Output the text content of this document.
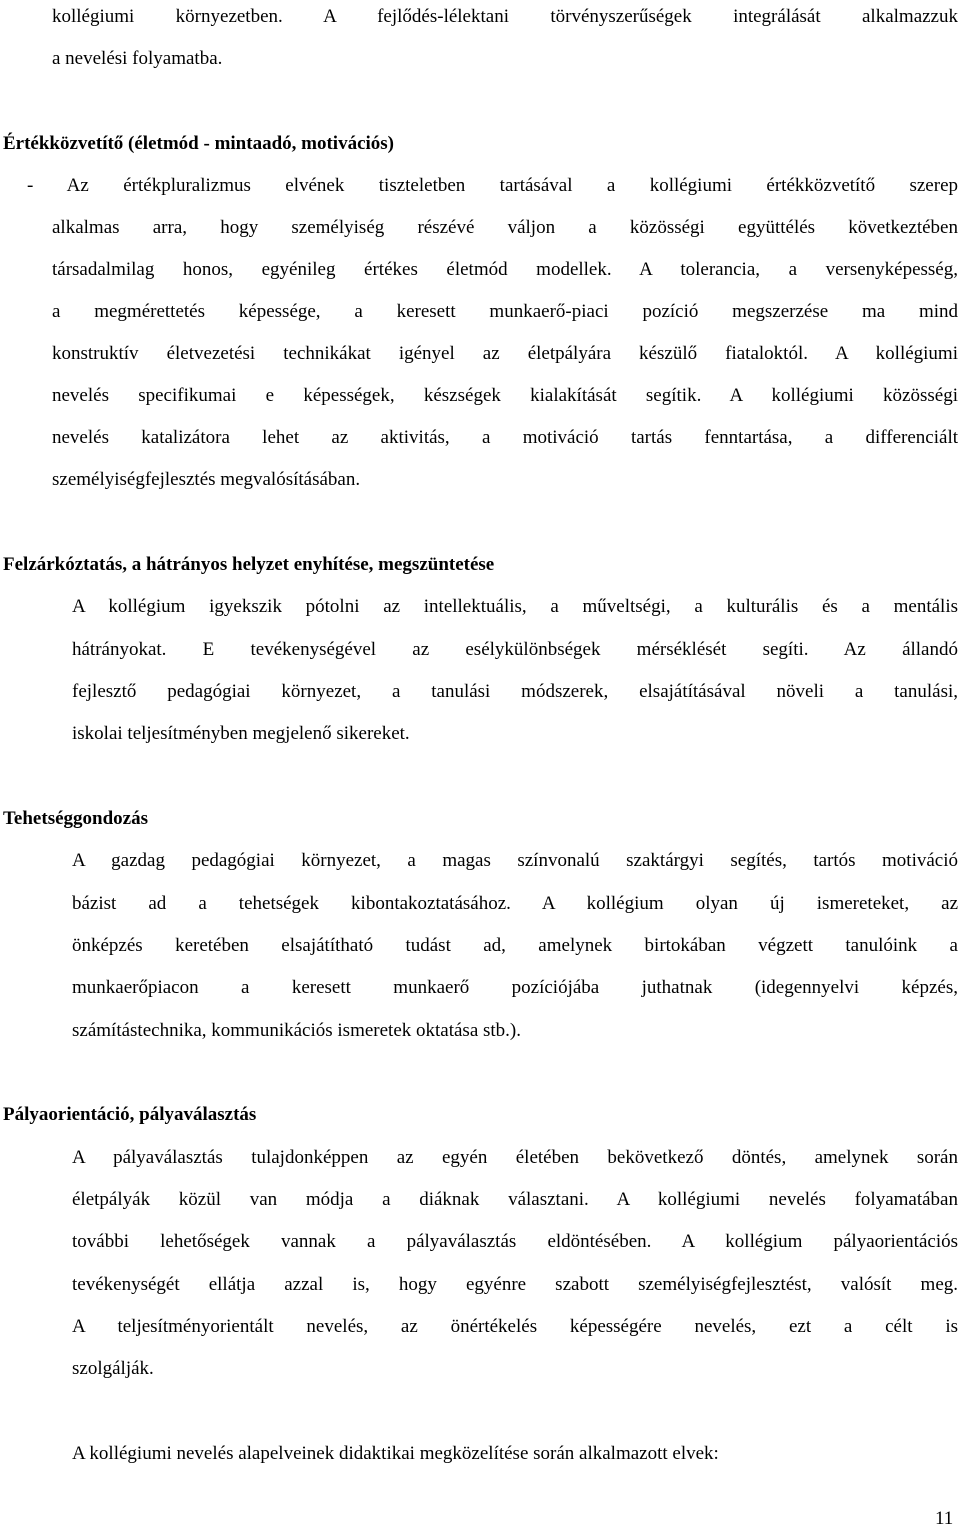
kollégiumi környezetben. A fejlődés-lélektani törvényszerűségek integrálását alkalmazzuk
a nevelési folyamatba.
Értékközvetítő (életmód - mintaadó, motivációs)
- Az értékpluralizmus elvének tiszteletben tartásával a kollégiumi értékközvetítő szerep
alkalmas arra, hogy személyiség részévé váljon a közösségi együttélés következtében
társadalmilag honos, egyénileg értékes életmód modellek. A tolerancia, a versenyképesség,
a megmérettetés képessége, a keresett munkaerő-piaci pozíció megszerzése ma mind
konstruktív életvezetési technikákat igényel az életpályára készülő fiataloktól. A kollégiumi
nevelés specifikumai e képességek, készségek kialakítását segítik. A kollégiumi közösségi
nevelés katalizátora lehet az aktivitás, a motiváció tartás fenntartása, a differenciált
személyiségfejlesztés megvalósításában.
Felzárkóztatás, a hátrányos helyzet enyhítése, megszüntetése
A kollégium igyekszik pótolni az intellektuális, a műveltségi, a kulturális és a mentális
hátrányokat. E tevékenységével az esélykülönbségek mérséklését segíti. Az állandó
fejlesztő pedagógiai környezet, a tanulási módszerek, elsajátításával növeli a tanulási,
iskolai teljesítményben megjelenő sikereket.
Tehetséggondozás
A gazdag pedagógiai környezet, a magas színvonalú szaktárgyi segítés, tartós motiváció
bázist ad a tehetségek kibontakoztatásához. A kollégium olyan új ismereteket, az
önképzés keretében elsajátítható tudást ad, amelynek birtokában végzett tanulóink a
munkaerőpiacon a keresett munkaerő pozíciójába juthatnak (idegennyelvi képzés,
számítástechnika, kommunikációs ismeretek oktatása stb.).
Pályaorientáció, pályaválasztás
A pályaválasztás tulajdonképpen az egyén életében bekövetkező döntés, amelynek során
életpályák közül van módja a diáknak választani. A kollégiumi nevelés folyamatában
további lehetőségek vannak a pályaválasztás eldöntésében. A kollégium pályaorientációs
tevékenységét ellátja azzal is, hogy egyénre szabott személyiségfejlesztést, valósít meg.
A teljesítményorientált nevelés, az önértékelés képességére nevelés, ezt a célt is
szolgálják.
A kollégiumi nevelés alapelveinek didaktikai megközelítése során alkalmazott elvek:
11
